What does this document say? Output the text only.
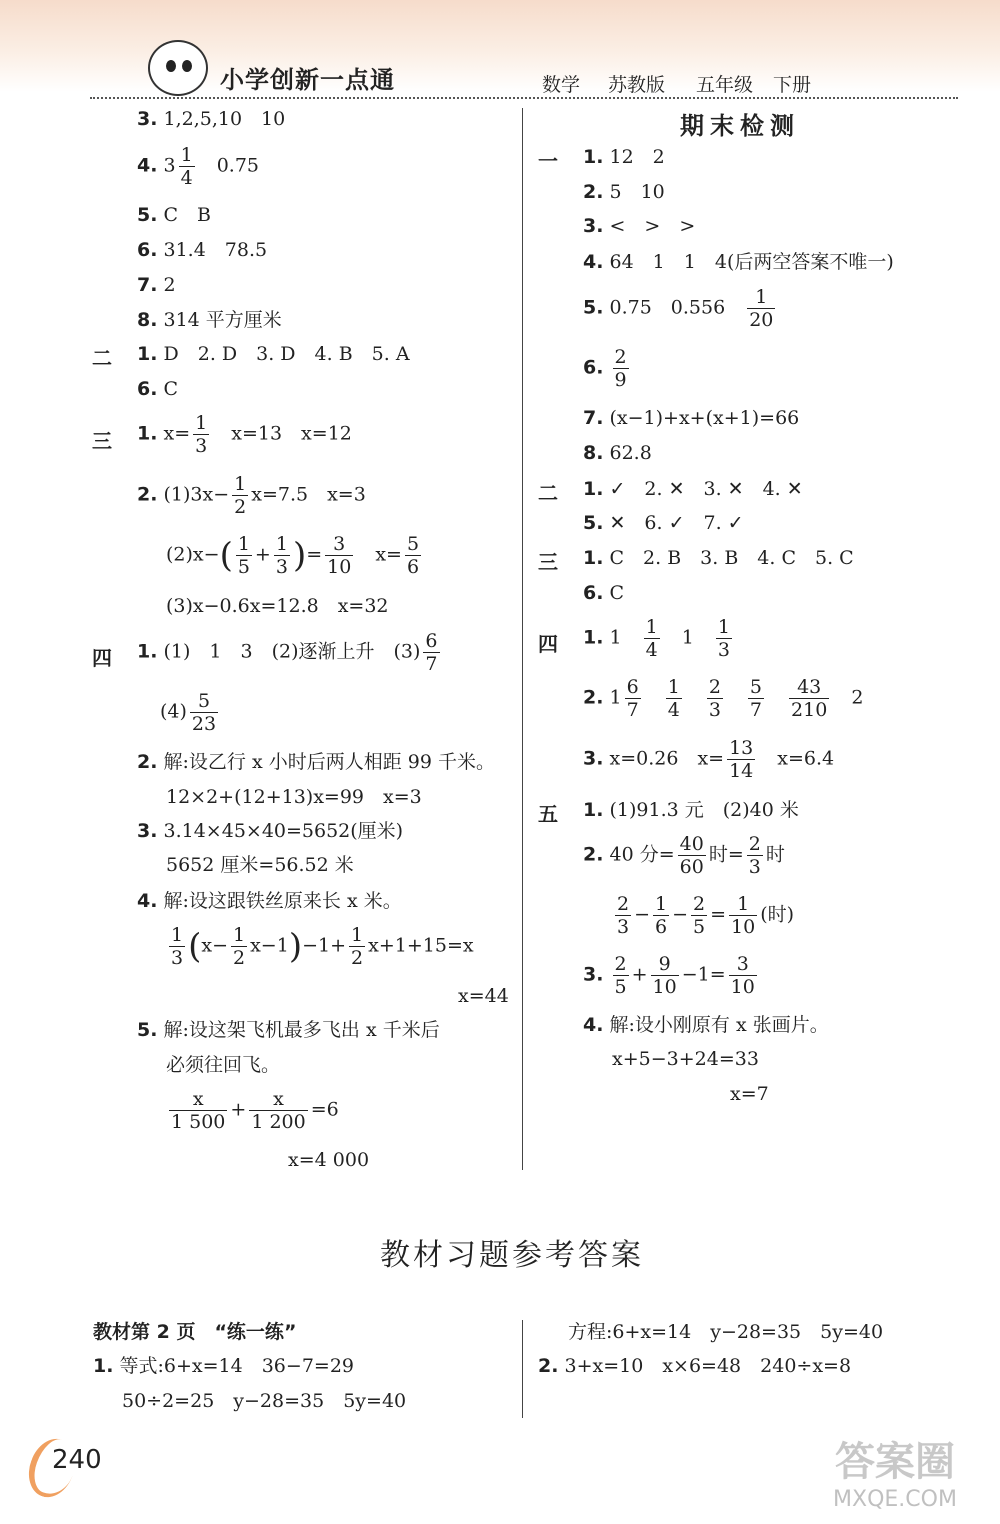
小学创新一点通	数学 苏教版 五年级 下册
3. 1,2,5,10　10
4. $3 \frac{1}{4}$
　 0.75
5. C　B
6. 31.4　78.5
7. 2
8. 314 平方厘米
二 1. D　2. D　3. D　4. B　5. A
6. C
三 1. $x= \frac{1}{3}$
　 x=13　x=12
2. $(1)3x- \frac{1}{2} x=7.5$　x=3
$(2)x-( \frac{1}{5} + \frac{1}{3}$ )= $\frac{3}{10}$
　 $x= \frac{5}{6}$
(3)x−0.6x=12.8　x=32
四 1. (1)　1　3　(2)逐渐上升　$(3) \frac{6}{7}$
$(4) \frac{5}{23}$
2. 解:设乙行 x 小时后两人相距 99 千米。
12×2+(12+13)x=99　x=3
3. 3.14×45×40=5652(厘米)
5652 厘米=56.52 米
4. 解:设这跟铁丝原来长 x 米。
$\frac{1}{3} (x- \frac{1}{2} x-1)-1+ \frac{1}{2} x+1+15=x$
x=44
5. 解:设这架飞机最多飞出 x 千米后
必须往回飞。
$\frac{x}{1 500} + \frac{x}{1 200} =6$
x=4 000
期末检测
一 1. 12　2
2. 5　10
3. <　>　>
4. 64　1　1　4(后两空答案不唯一)
5. 0.75　0.556　 $\frac{1}{20}$
6. $\frac{2}{9}$
7. (x−1)+x+(x+1)=66
8. 62.8
二 1. ✓　2. ✕　3. ✕　4. ✕
5. ✕　6. ✓　7. ✓
三 1. C　2. B　3. B　4. C　5. C
6. C
四 1. 1　 $\frac{1}{4}$
　 1　 $\frac{1}{3}$
2. $1 \frac{6}{7}$
　 $\frac{1}{4}$
　 $\frac{2}{3}$
　 $\frac{5}{7}$
　 $\frac{43}{210}$
　 2
3. x=0.26　$x= \frac{13}{14}$
　 x=6.4
五 1. (1)91.3 元　(2)40 米
2. 40 分= $\frac{40}{60}$ 时= $\frac{2}{3}$ 时
$\frac{2}{3} - \frac{1}{6} - \frac{2}{5} = \frac{1}{10}$ (时)
3. $\frac{2}{5} + \frac{9}{10} -1= \frac{3}{10}$
4. 解:设小刚原有 x 张画片。
x+5−3+24=33
x=7
教材习题参考答案
教材第 2 页　“练一练”
1. 等式:6+x=14　36−7=29
50÷2=25　y−28=35　5y=40
方程:6+x=14　y−28=35　5y=40
2. 3+x=10　x×6=48　240÷x=8
240	答案圈
MXQE.COM
